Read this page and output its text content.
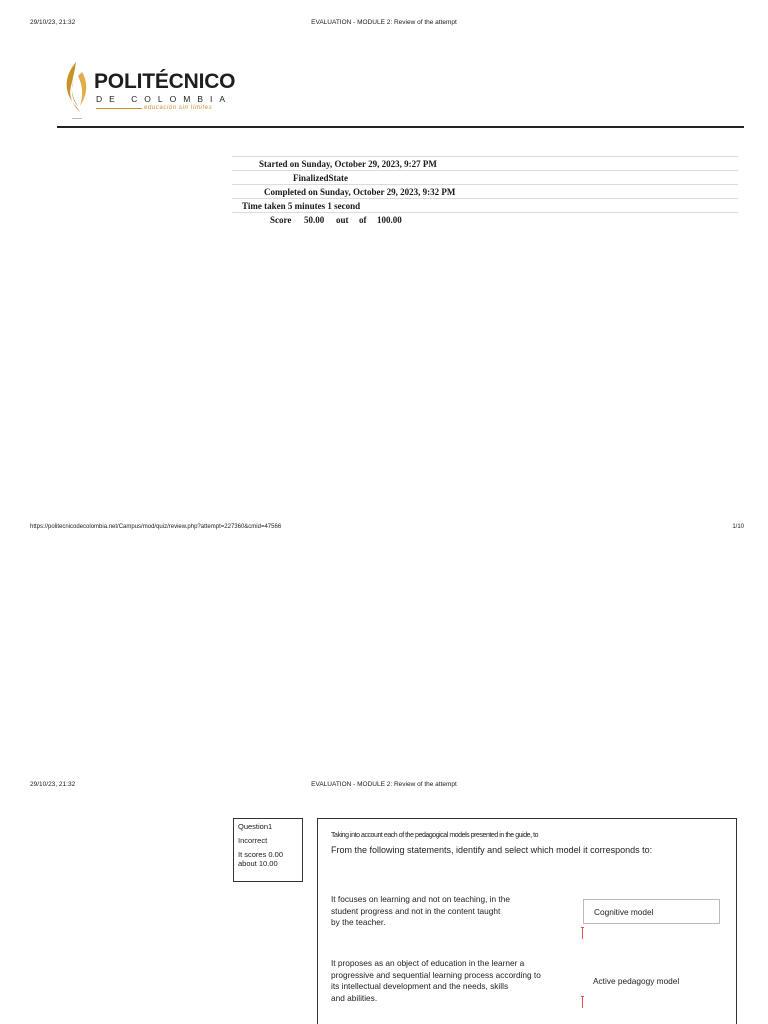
29/10/23, 21:32	EVALUATION - MODULE 2: Review of the attempt
POLITÉCNICO
DE COLOMBIA
educación sin límites
Started on Sunday, October 29, 2023, 9:27 PM
FinalizedState
Completed on Sunday, October 29, 2023, 9:32 PM
Time taken 5 minutes 1 second
Score 50.00 out of 100.00
https://politecnicodecolombia.net/Campus/mod/quiz/review.php?attempt=227360&cmid=47566	1/10
29/10/23, 21:32	EVALUATION - MODULE 2: Review of the attempt
Question1
Incorrect
It scores 0.00
about 10.00
Taking into account each of the pedagogical models presented in the guide, to
From the following statements, identify and select which model it corresponds to:
It focuses on learning and not on teaching, in the
student progress and not in the content taught
by the teacher.
Cognitive model
It proposes as an object of education in the learner a
progressive and sequential learning process according to
its intellectual development and the needs, skills
and abilities.
Active pedagogy model
